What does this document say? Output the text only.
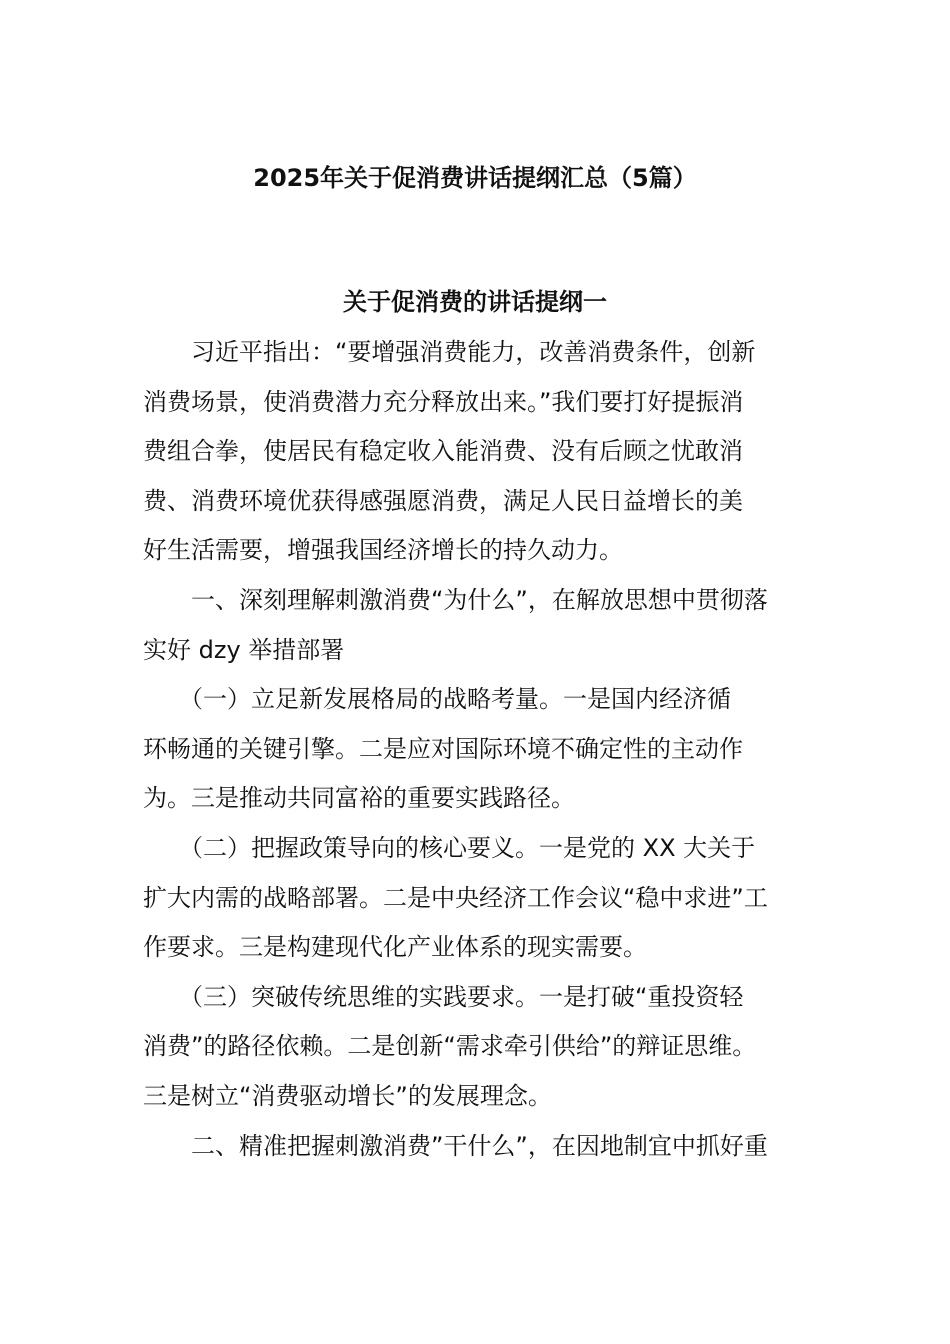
2025年关于促消费讲话提纲汇总（5篇）
关于促消费的讲话提纲一
　　习近平指出：“要增强消费能力，改善消费条件，创新
消费场景，使消费潜力充分释放出来。”我们要打好提振消
费组合拳，使居民有稳定收入能消费、没有后顾之忧敢消
费、消费环境优获得感强愿消费，满足人民日益增长的美
好生活需要，增强我国经济增长的持久动力。
　　一、深刻理解刺激消费“为什么”，在解放思想中贯彻落
实好 dzy 举措部署
　　（一）立足新发展格局的战略考量。一是国内经济循
环畅通的关键引擎。二是应对国际环境不确定性的主动作
为。三是推动共同富裕的重要实践路径。
　　（二）把握政策导向的核心要义。一是党的 XX 大关于
扩大内需的战略部署。二是中央经济工作会议“稳中求进”工
作要求。三是构建现代化产业体系的现实需要。
　　（三）突破传统思维的实践要求。一是打破“重投资轻
消费”的路径依赖。二是创新“需求牵引供给”的辩证思维。
三是树立“消费驱动增长”的发展理念。
　　二、精准把握刺激消费”干什么”，在因地制宜中抓好重
